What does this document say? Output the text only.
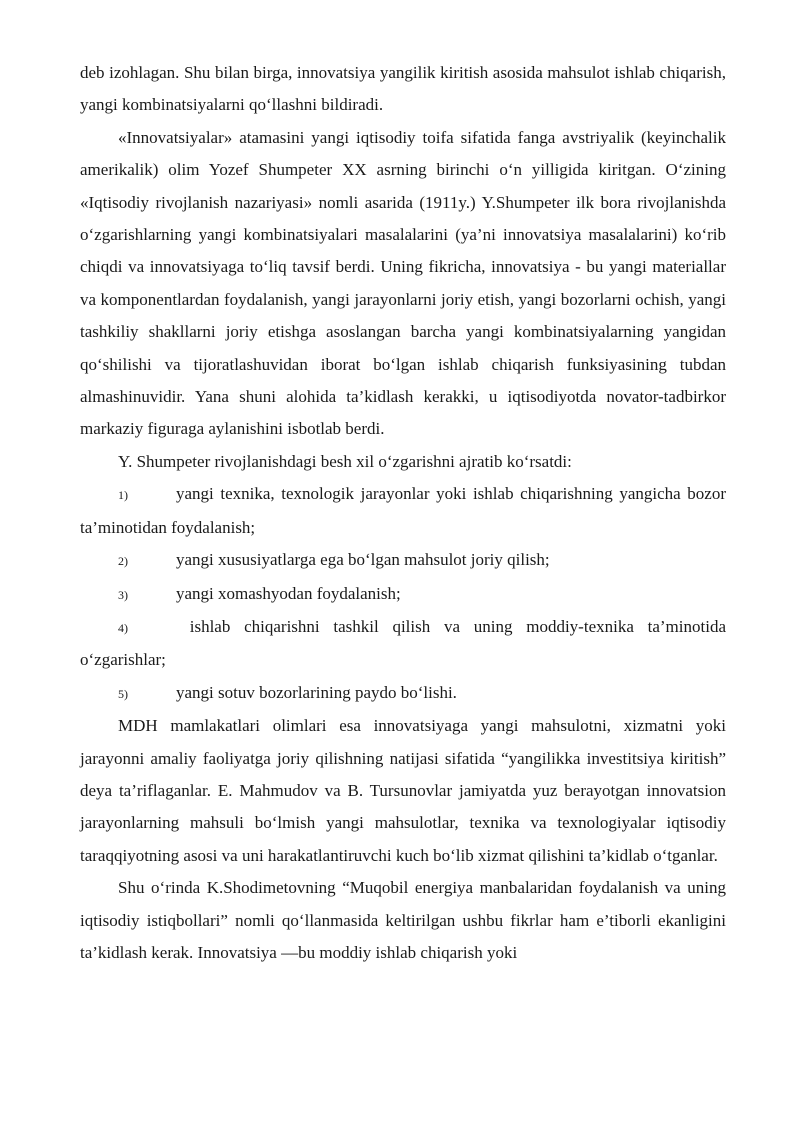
deb izohlagan. Shu bilan birga, innovatsiya yangilik kiritish asosida mahsulot ishlab chiqarish, yangi kombinatsiyalarni qo‘llashni bildiradi.

«Innovatsiyalar» atamasini yangi iqtisodiy toifa sifatida fanga avstriyalik (keyinchalik amerikalik) olim Yozef Shumpeter XX asrning birinchi o‘n yilligida kiritgan. O‘zining «Iqtisodiy rivojlanish nazariyasi» nomli asarida (1911y.) Y.Shumpeter ilk bora rivojlanishda o‘zgarishlarning yangi kombinatsiyalari masalalarini (ya’ni innovatsiya masalalarini) ko‘rib chiqdi va innovatsiyaga to‘liq tavsif berdi. Uning fikricha, innovatsiya - bu yangi materiallar va komponentlardan foydalanish, yangi jarayonlarni joriy etish, yangi bozorlarni ochish, yangi tashkiliy shakllarni joriy etishga asoslangan barcha yangi kombinatsiyalarning yangidan qo‘shilishi va tijoratlashuvidan iborat bo‘lgan ishlab chiqarish funksiyasining tubdan almashinuvidir. Yana shuni alohida ta’kidlash kerakki, u iqtisodiyotda novator-tadbirkor markaziy figuraga aylanishini isbotlab berdi.

Y. Shumpeter rivojlanishdagi besh xil o‘zgarishni ajratib ko‘rsatdi:

1)	yangi texnika, texnologik jarayonlar yoki ishlab chiqarishning yangicha bozor ta’minotidan foydalanish;

2)	yangi xususiyatlarga ega bo‘lgan mahsulot joriy qilish;

3)	yangi xomashyodan foydalanish;

4)	ishlab chiqarishni tashkil qilish va uning moddiy-texnika ta’minotida o‘zgarishlar;

5)	yangi sotuv bozorlarining paydo bo‘lishi.

MDH mamlakatlari olimlari esa innovatsiyaga yangi mahsulotni, xizmatni yoki jarayonni amaliy faoliyatga joriy qilishning natijasi sifatida “yangilikka investitsiya kiritish” deya ta’riflaganlar. E. Mahmudov va B. Tursunovlar jamiyatda yuz berayotgan innovatsion jarayonlarning mahsuli bo‘lmish yangi mahsulotlar, texnika va texnologiyalar iqtisodiy taraqqiyotning asosi va uni harakatlantiruvchi kuch bo‘lib xizmat qilishini ta’kidlab o‘tganlar.

Shu o‘rinda K.Shodimetovning “Muqobil energiya manbalaridan foydalanish va uning iqtisodiy istiqbollari” nomli qo‘llanmasida keltirilgan ushbu fikrlar ham e’tiborli ekanligini ta’kidlash kerak. Innovatsiya —bu moddiy ishlab chiqarish yoki
